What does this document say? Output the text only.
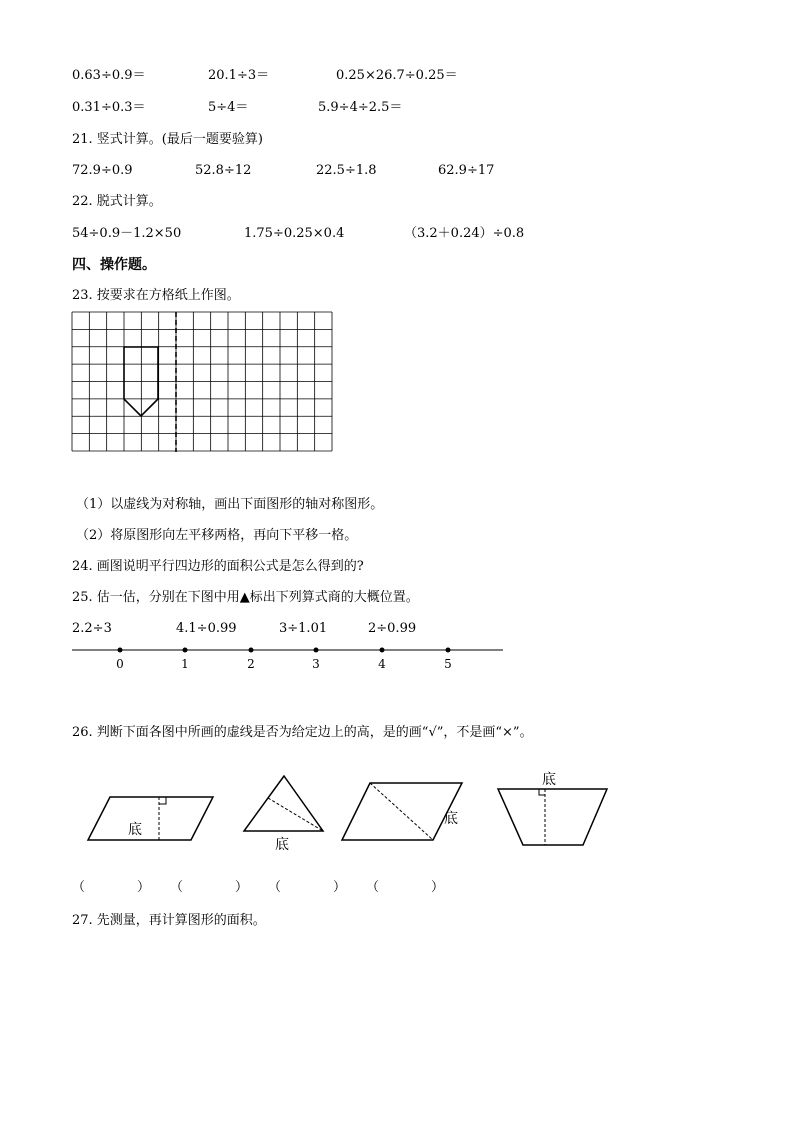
0.63÷0.9＝	20.1÷3＝	0.25×26.7÷0.25＝
0.31÷0.3＝	5÷4＝	5.9÷4÷2.5＝
21. 竖式计算。(最后一题要验算)
72.9÷0.9	52.8÷12	22.5÷1.8	62.9÷17
22. 脱式计算。
54÷0.9－1.2×50	1.75÷0.25×0.4	（3.2＋0.24）÷0.8
四、操作题。
23. 按要求在方格纸上作图。
（1）以虚线为对称轴，画出下面图形的轴对称图形。
（2）将原图形向左平移两格，再向下平移一格。
24. 画图说明平行四边形的面积公式是怎么得到的?
25. 估一估，分别在下图中用▲标出下列算式商的大概位置。
2.2÷3	4.1÷0.99	3÷1.01	2÷0.99
0	1	2	3	4	5
26. 判断下面各图中所画的虚线是否为给定边上的高，是的画“√”，不是画“×”。
底
底
底
底
（　　　　） （　　　　） （　　　　） （　　　　）
27. 先测量，再计算图形的面积。
